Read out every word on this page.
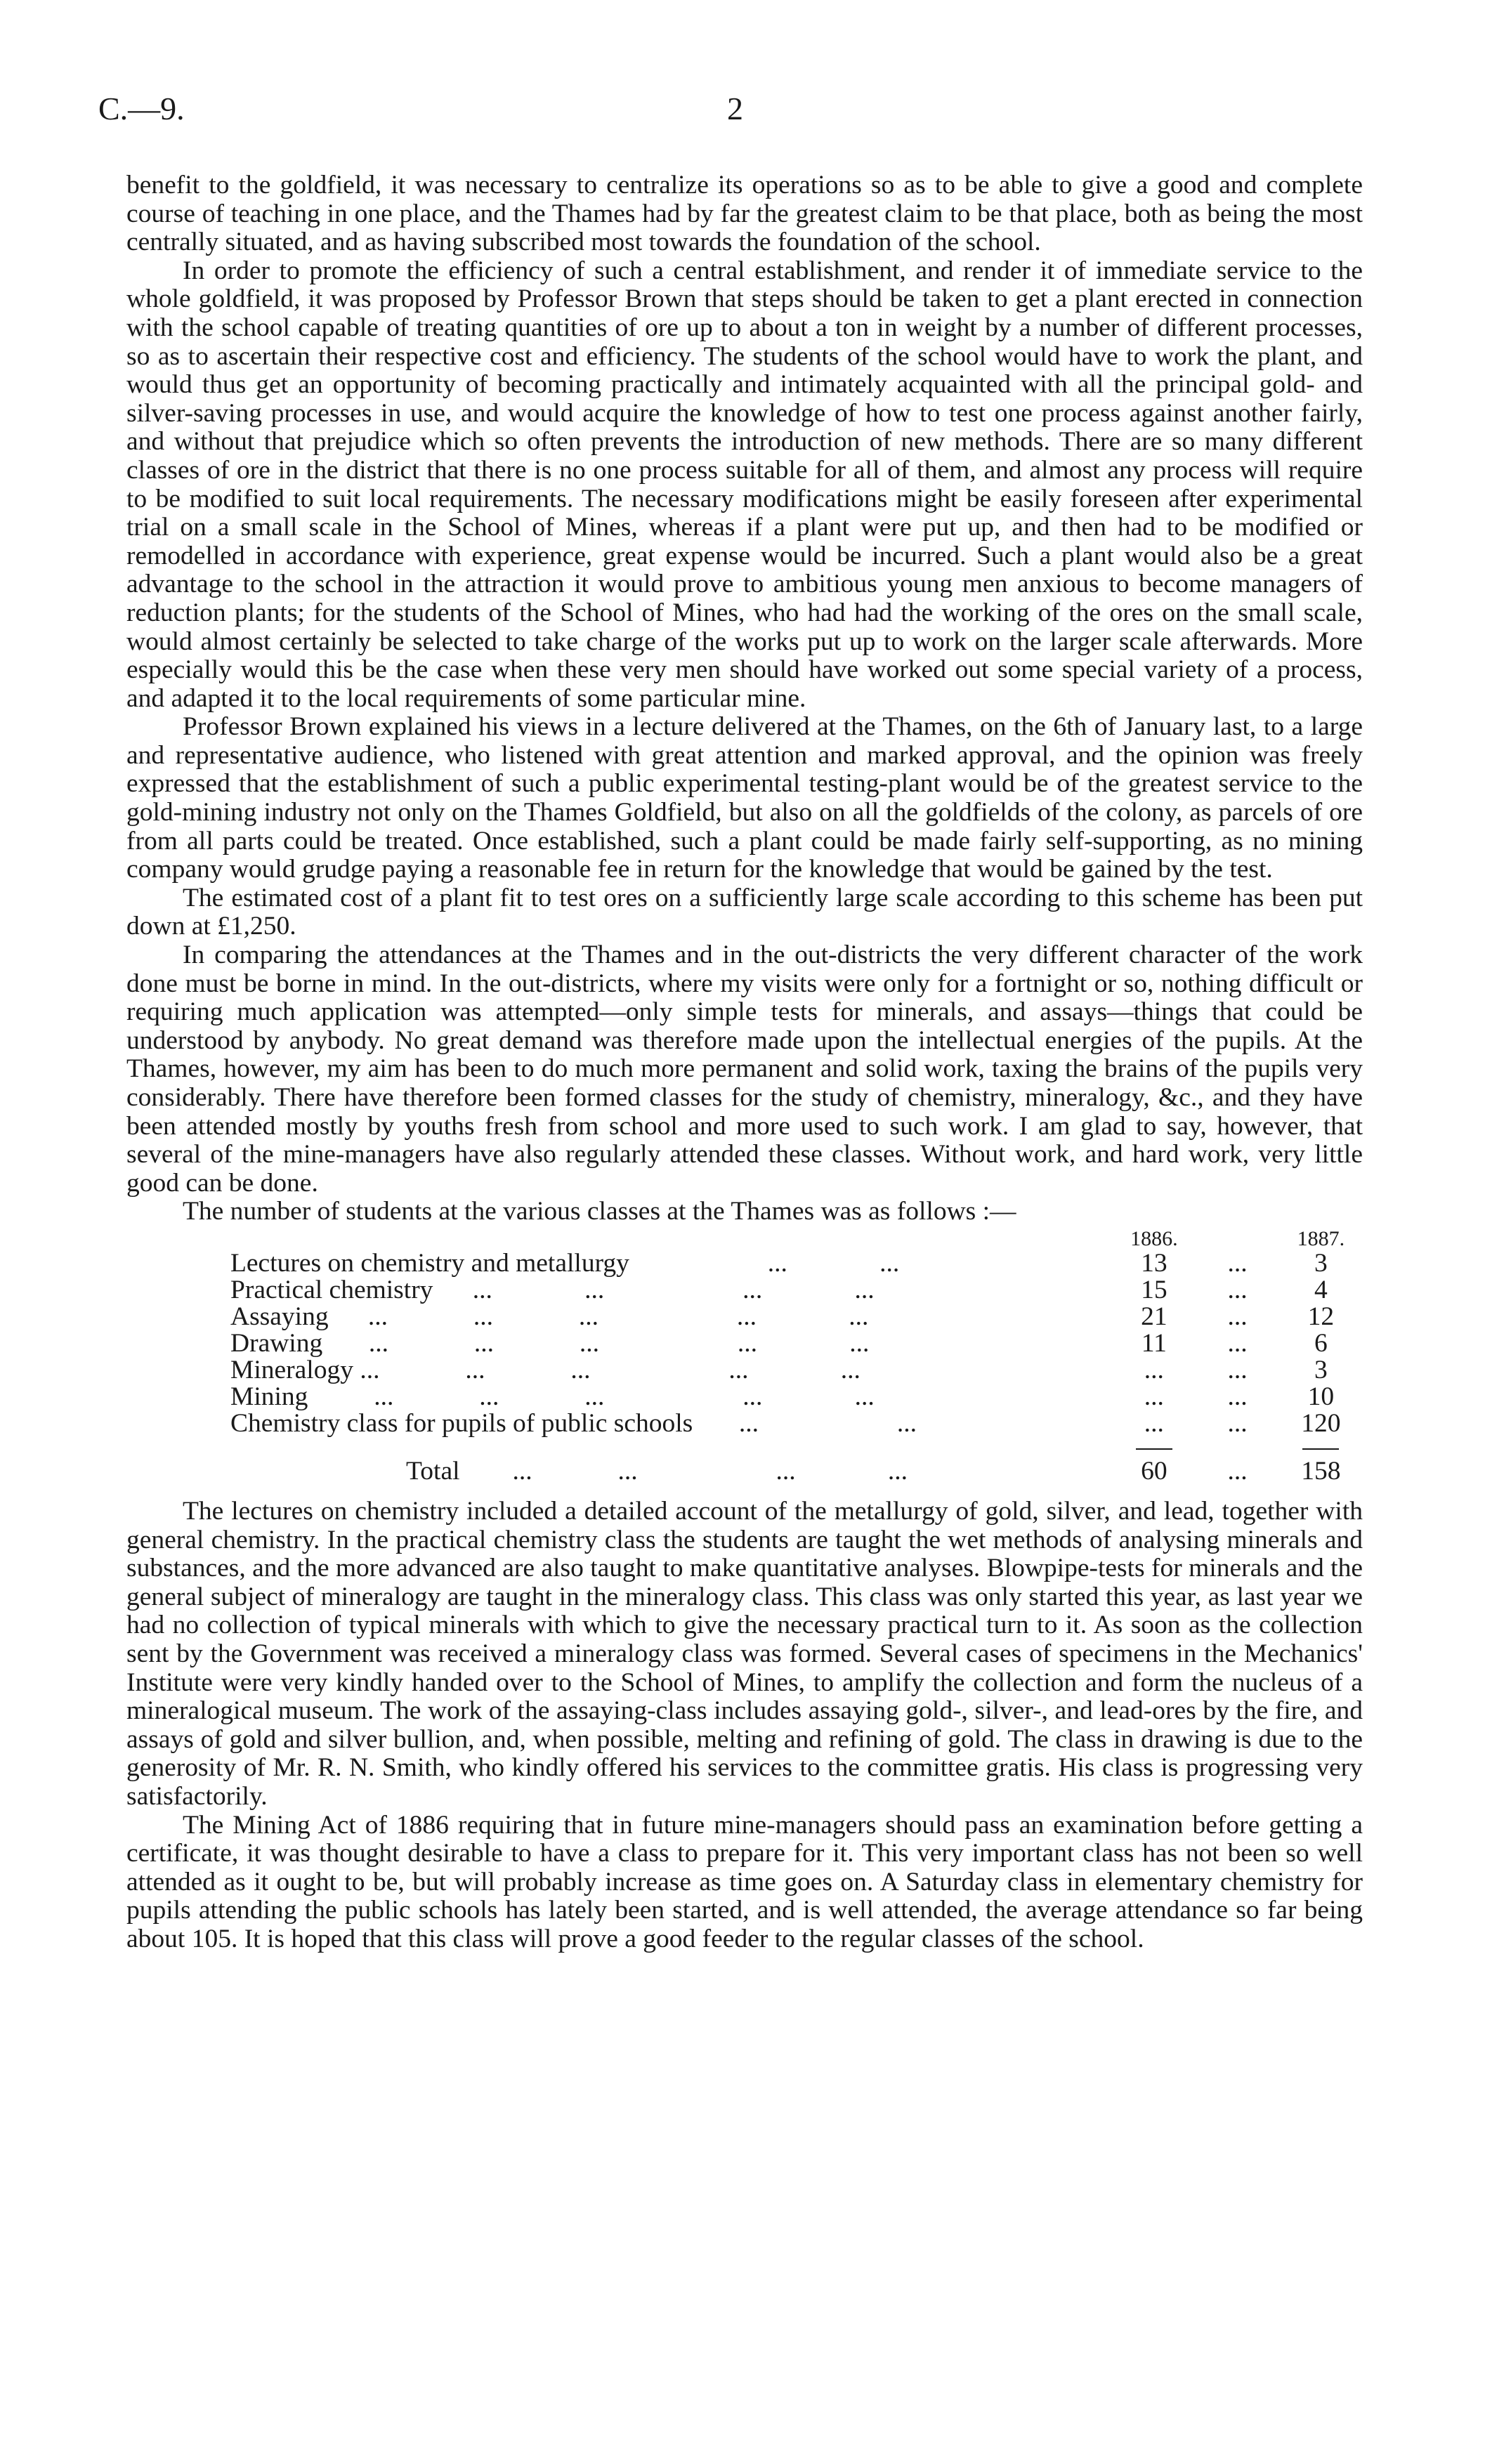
C.—9.	2

benefit to the goldfield, it was necessary to centralize its operations so as to be able to give a good and complete course of teaching in one place, and the Thames had by far the greatest claim to be that place, both as being the most centrally situated, and as having subscribed most towards the foundation of the school.

In order to promote the efficiency of such a central establishment, and render it of immediate service to the whole goldfield, it was proposed by Professor Brown that steps should be taken to get a plant erected in connection with the school capable of treating quantities of ore up to about a ton in weight by a number of different processes, so as to ascertain their respective cost and efficiency. The students of the school would have to work the plant, and would thus get an opportunity of becoming practically and intimately acquainted with all the principal gold- and silver-saving processes in use, and would acquire the knowledge of how to test one process against another fairly, and without that prejudice which so often prevents the introduction of new methods. There are so many different classes of ore in the district that there is no one process suitable for all of them, and almost any process will require to be modified to suit local requirements. The necessary modifications might be easily foreseen after experimental trial on a small scale in the School of Mines, whereas if a plant were put up, and then had to be modified or remodelled in accordance with experience, great expense would be incurred. Such a plant would also be a great advantage to the school in the attraction it would prove to ambitious young men anxious to become managers of reduction plants; for the students of the School of Mines, who had had the working of the ores on the small scale, would almost certainly be selected to take charge of the works put up to work on the larger scale afterwards. More especially would this be the case when these very men should have worked out some special variety of a process, and adapted it to the local requirements of some particular mine.

Professor Brown explained his views in a lecture delivered at the Thames, on the 6th of January last, to a large and representative audience, who listened with great attention and marked approval, and the opinion was freely expressed that the establishment of such a public experimental testing-plant would be of the greatest service to the gold-mining industry not only on the Thames Goldfield, but also on all the goldfields of the colony, as parcels of ore from all parts could be treated. Once established, such a plant could be made fairly self-supporting, as no mining company would grudge paying a reasonable fee in return for the knowledge that would be gained by the test.

The estimated cost of a plant fit to test ores on a sufficiently large scale according to this scheme has been put down at £1,250.

In comparing the attendances at the Thames and in the out-districts the very different character of the work done must be borne in mind. In the out-districts, where my visits were only for a fortnight or so, nothing difficult or requiring much application was attempted—only simple tests for minerals, and assays—things that could be understood by anybody. No great demand was therefore made upon the intellectual energies of the pupils. At the Thames, however, my aim has been to do much more permanent and solid work, taxing the brains of the pupils very considerably. There have therefore been formed classes for the study of chemistry, mineralogy, &c., and they have been attended mostly by youths fresh from school and more used to such work. I am glad to say, however, that several of the mine-managers have also regularly attended these classes. Without work, and hard work, very little good can be done.

The number of students at the various classes at the Thames was as follows :—

	1886.		1887.
Lectures on chemistry and metallurgy                     ...              ...	13	...	3
Practical chemistry      ...              ...                     ...              ...	15	...	4
Assaying      ...             ...             ...                     ...              ...	21	...	12
Drawing       ...             ...             ...                     ...              ...	11	...	6
Mineralogy ...             ...             ...                     ...              ...	...	...	3
Mining          ...             ...             ...                     ...              ...	...	...	10
Chemistry class for pupils of public schools       ...                     ...	...	...	120

Total        ...             ...                     ...              ...	60	...	158

The lectures on chemistry included a detailed account of the metallurgy of gold, silver, and lead, together with general chemistry. In the practical chemistry class the students are taught the wet methods of analysing minerals and substances, and the more advanced are also taught to make quantitative analyses. Blowpipe-tests for minerals and the general subject of mineralogy are taught in the mineralogy class. This class was only started this year, as last year we had no collection of typical minerals with which to give the necessary practical turn to it. As soon as the collection sent by the Government was received a mineralogy class was formed. Several cases of specimens in the Mechanics' Institute were very kindly handed over to the School of Mines, to amplify the collection and form the nucleus of a mineralogical museum. The work of the assaying-class includes assaying gold-, silver-, and lead-ores by the fire, and assays of gold and silver bullion, and, when possible, melting and refining of gold. The class in drawing is due to the generosity of Mr. R. N. Smith, who kindly offered his services to the committee gratis. His class is progressing very satisfactorily.

The Mining Act of 1886 requiring that in future mine-managers should pass an examination before getting a certificate, it was thought desirable to have a class to prepare for it. This very important class has not been so well attended as it ought to be, but will probably increase as time goes on. A Saturday class in elementary chemistry for pupils attending the public schools has lately been started, and is well attended, the average attendance so far being about 105. It is hoped that this class will prove a good feeder to the regular classes of the school.
